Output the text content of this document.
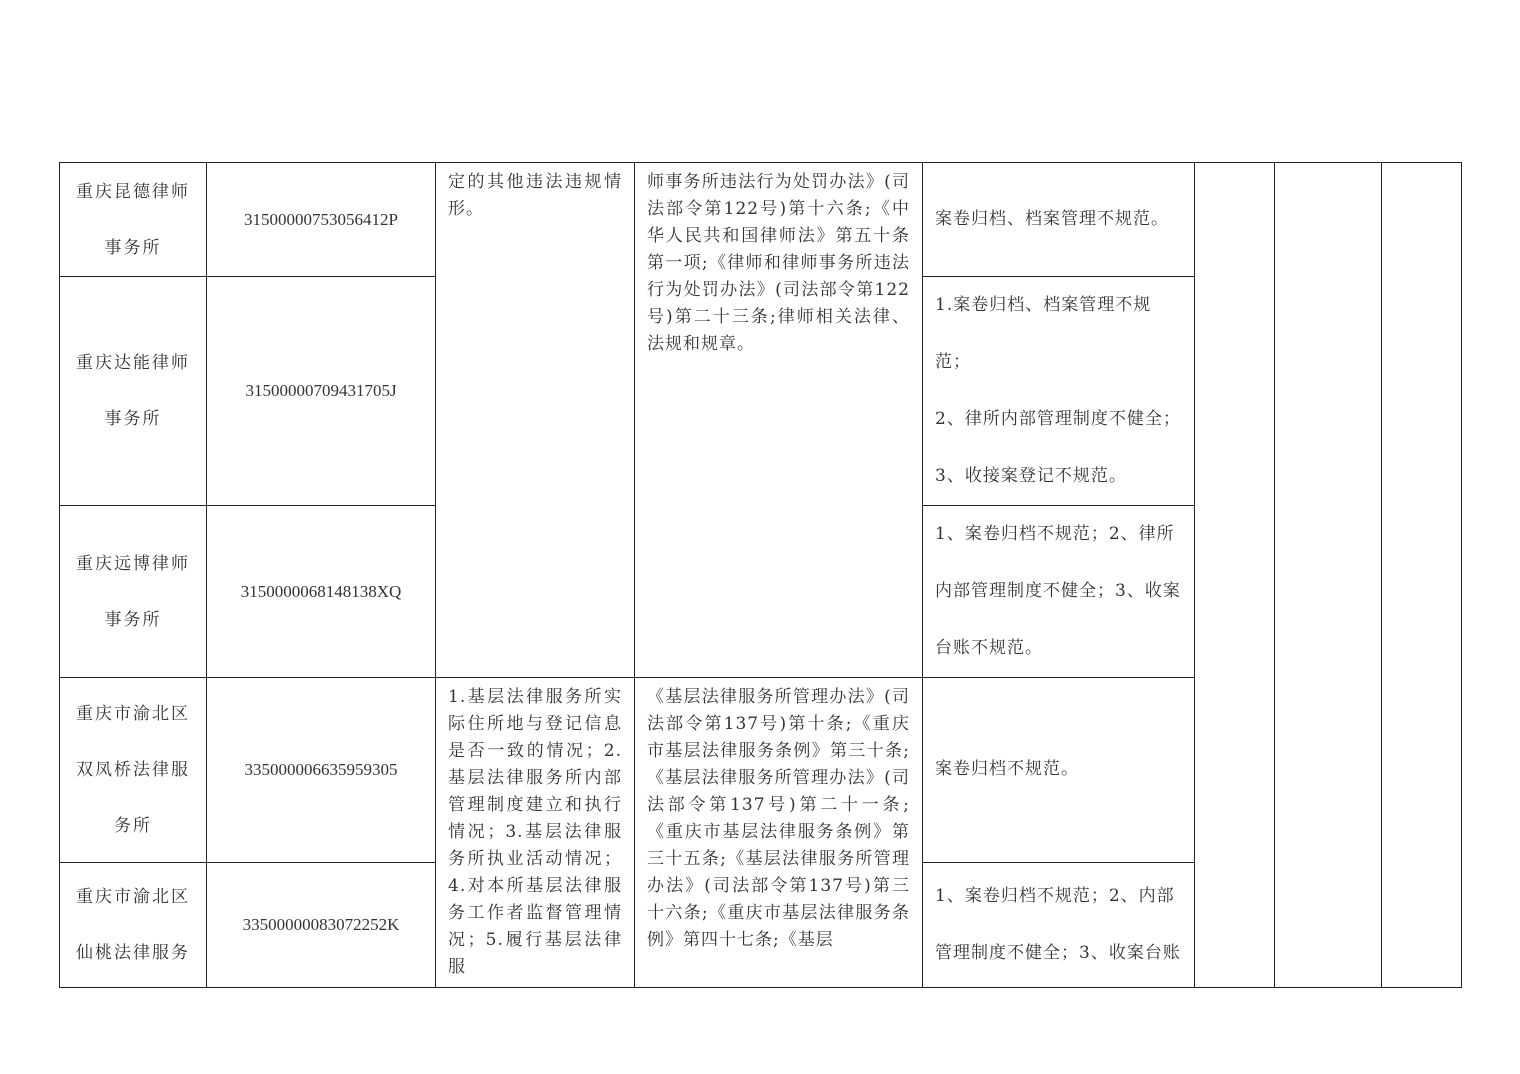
重庆昆德律师
事务所	31500000753056412P	定的其他违法违规情形。	师事务所违法行为处罚办法》(司法部令第122号)第十六条;《中华人民共和国律师法》第五十条第一项;《律师和律师事务所违法行为处罚办法》(司法部令第122号)第二十三条;律师相关法律、法规和规章。	案卷归档、档案管理不规范。			

重庆达能律师
事务所	31500000709431705J			1.案卷归档、档案管理不规范；
2、律所内部管理制度不健全；
3、收接案登记不规范。			

重庆远博律师
事务所	3150000068148138XQ			1、案卷归档不规范；2、律所
内部管理制度不健全；3、收案
台账不规范。			

重庆市渝北区
双凤桥法律服
务所	335000006635959305	1.基层法律服务所实际住所地与登记信息是否一致的情况；2.基层法律服务所内部管理制度建立和执行情况；3.基层法律服务所执业活动情况；4.对本所基层法律服务工作者监督管理情况；5.履行基层法律服	《基层法律服务所管理办法》(司法部令第137号)第十条;《重庆市基层法律服务条例》第三十条;《基层法律服务所管理办法》(司法部令第137号)第二十一条;《重庆市基层法律服务条例》第三十五条;《基层法律服务所管理办法》(司法部令第137号)第三十六条;《重庆市基层法律服务条例》第四十七条;《基层	案卷归档不规范。			

重庆市渝北区
仙桃法律服务	33500000083072252K			1、案卷归档不规范；2、内部
管理制度不健全；3、收案台账			
